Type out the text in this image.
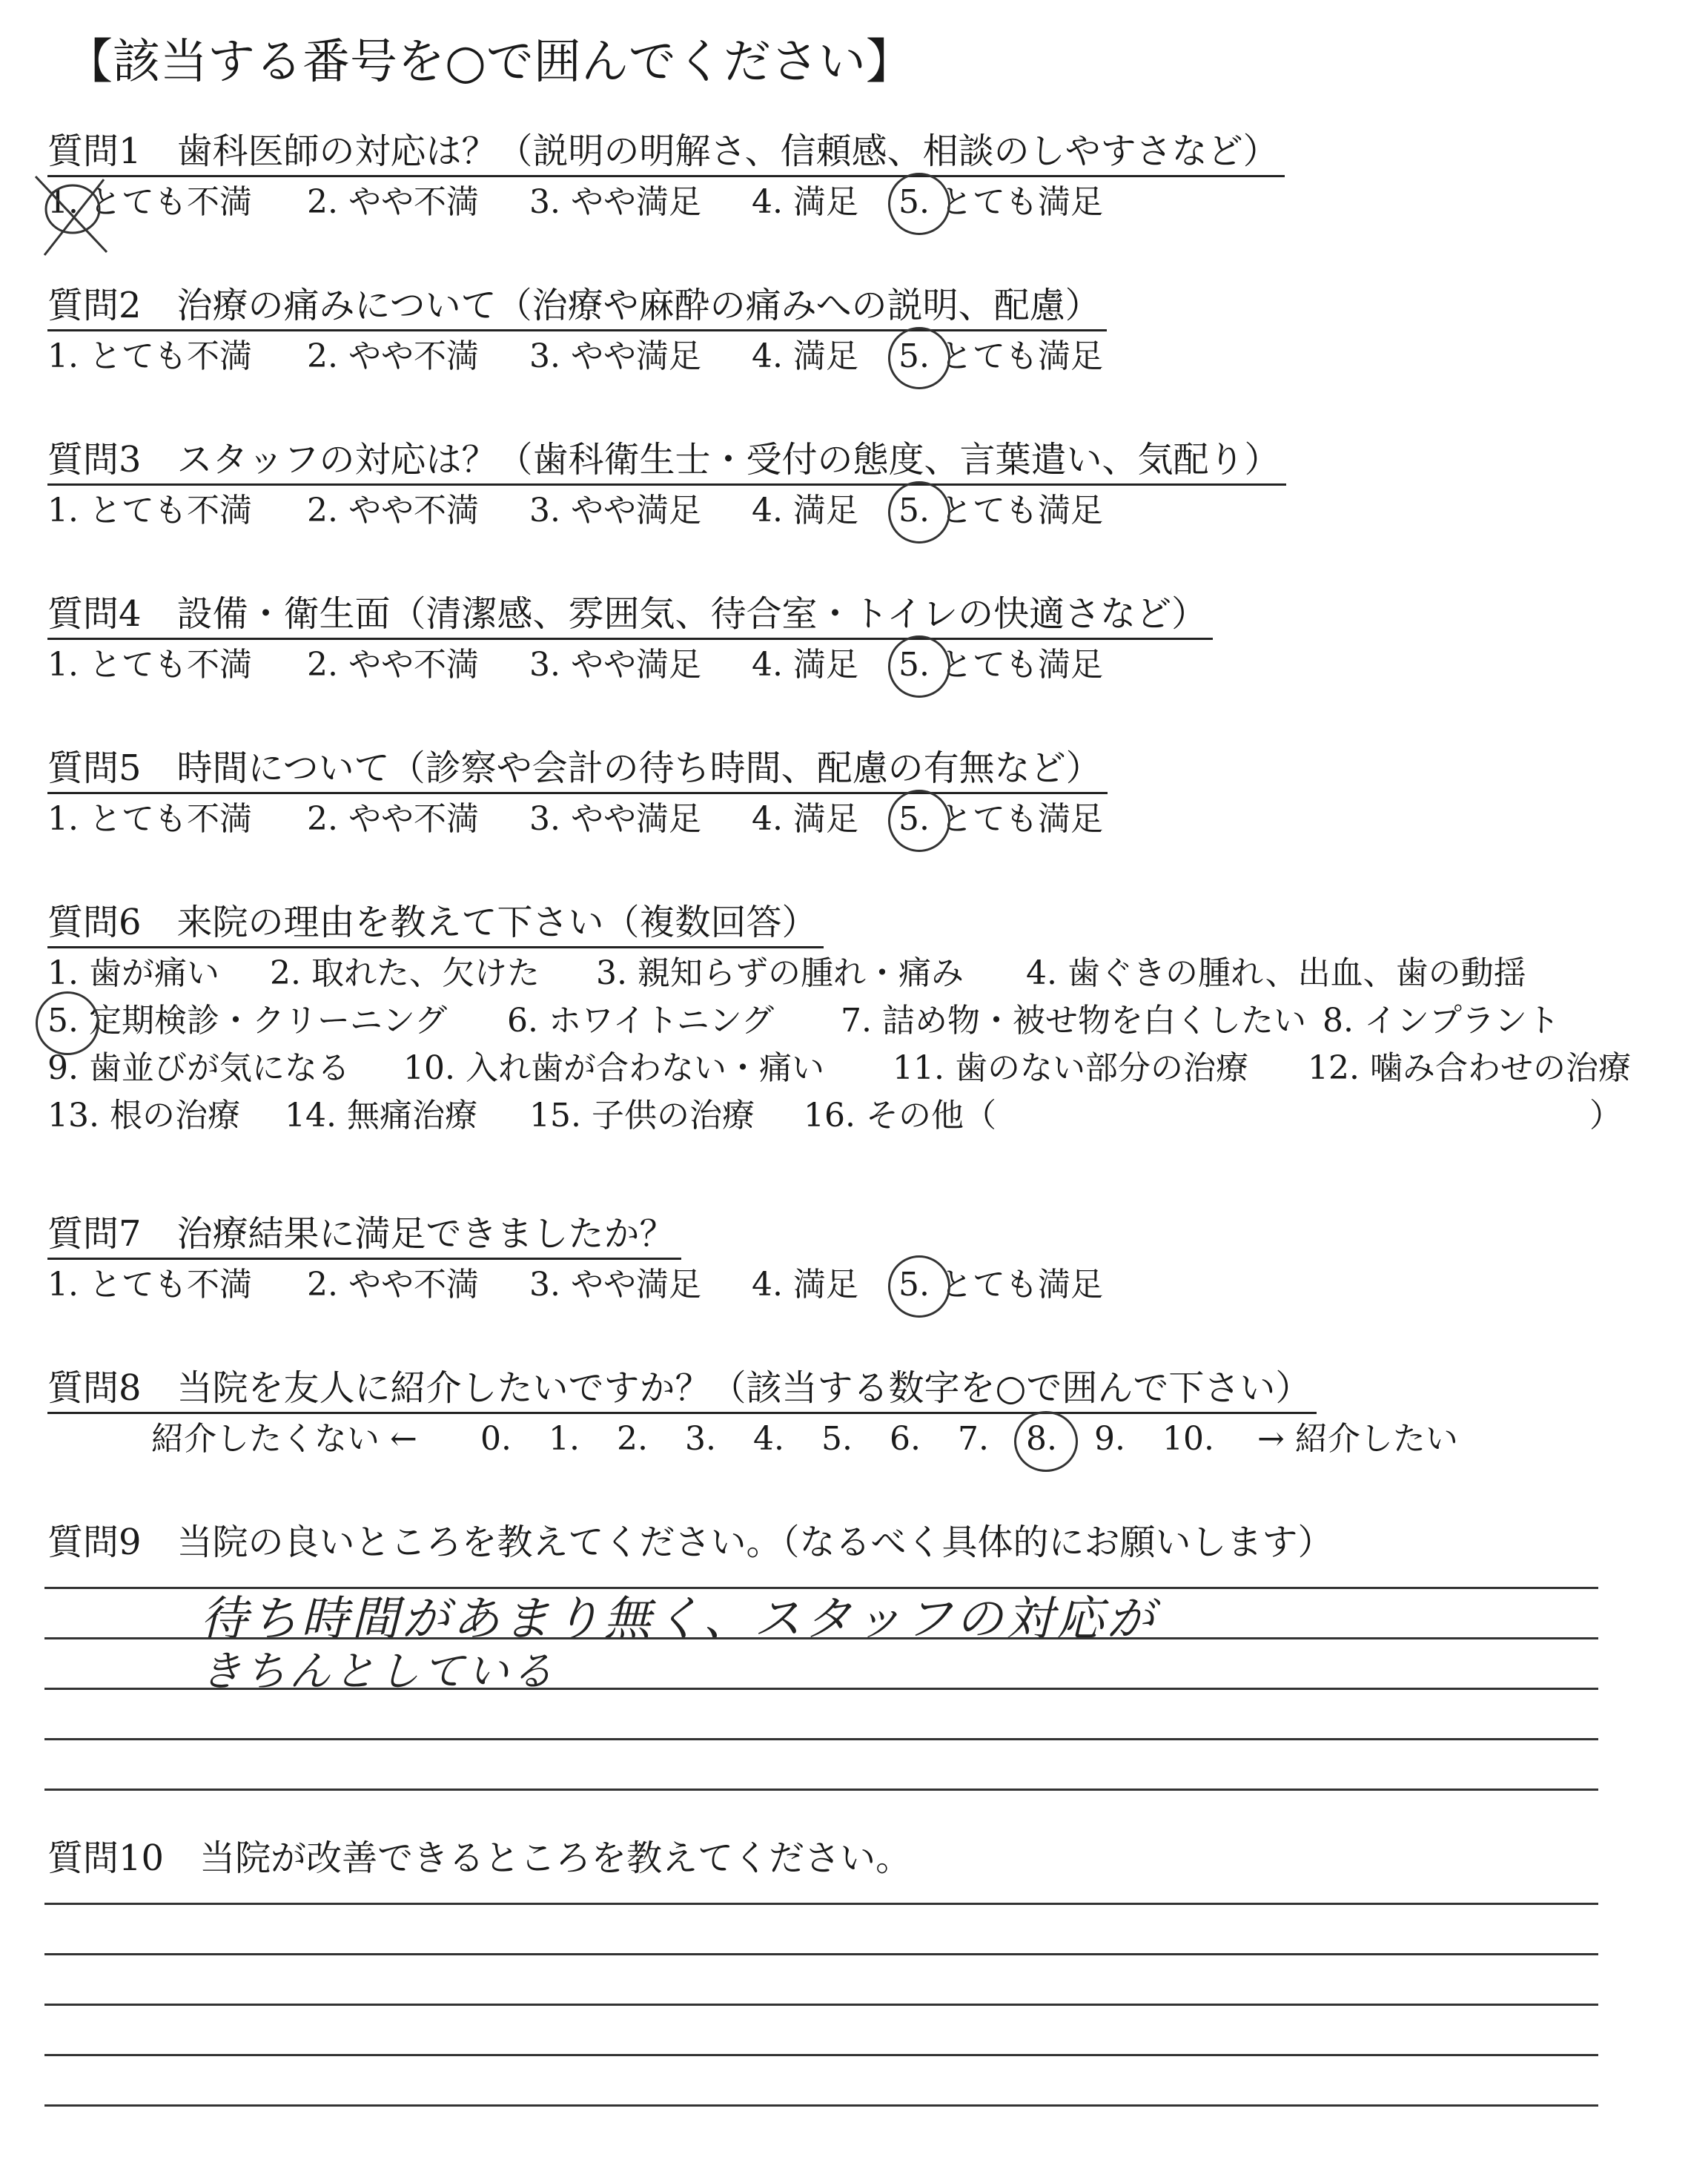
【該当する番号を○で囲んでください】
質問1　歯科医師の対応は？（説明の明解さ、信頼感、相談のしやすさなど）
1. とても不満 2. やや不満 3. やや満足 4. 満足 5. とても満足
質問2　治療の痛みについて（治療や麻酔の痛みへの説明、配慮）
1. とても不満 2. やや不満 3. やや満足 4. 満足 5. とても満足
質問3　スタッフの対応は？（歯科衛生士・受付の態度、言葉遣い、気配り）
1. とても不満 2. やや不満 3. やや満足 4. 満足 5. とても満足
質問4　設備・衛生面（清潔感、雰囲気、待合室・トイレの快適さなど）
1. とても不満 2. やや不満 3. やや満足 4. 満足 5. とても満足
質問5　時間について（診察や会計の待ち時間、配慮の有無など）
1. とても不満 2. やや不満 3. やや満足 4. 満足 5. とても満足
質問6　来院の理由を教えて下さい（複数回答）
1. 歯が痛い 2. 取れた、欠けた 3. 親知らずの腫れ・痛み 4. 歯ぐきの腫れ、出血、歯の動揺
5. 定期検診・クリーニング 6. ホワイトニング 7. 詰め物・被せ物を白くしたい 8. インプラント
9. 歯並びが気になる 10. 入れ歯が合わない・痛い 11. 歯のない部分の治療 12. 噛み合わせの治療
13. 根の治療 14. 無痛治療 15. 子供の治療 16. その他（	）
質問7　治療結果に満足できましたか？
1. とても不満 2. やや不満 3. やや満足 4. 満足 5. とても満足
質問8　当院を友人に紹介したいですか？（該当する数字を○で囲んで下さい）
紹介したくない ← 0. 1. 2. 3. 4. 5. 6. 7. 8. 9. 10. → 紹介したい
質問9　当院の良いところを教えてください。（なるべく具体的にお願いします）
待ち時間があまり無く、スタッフの対応が
きちんとしている
質問10　当院が改善できるところを教えてください。
